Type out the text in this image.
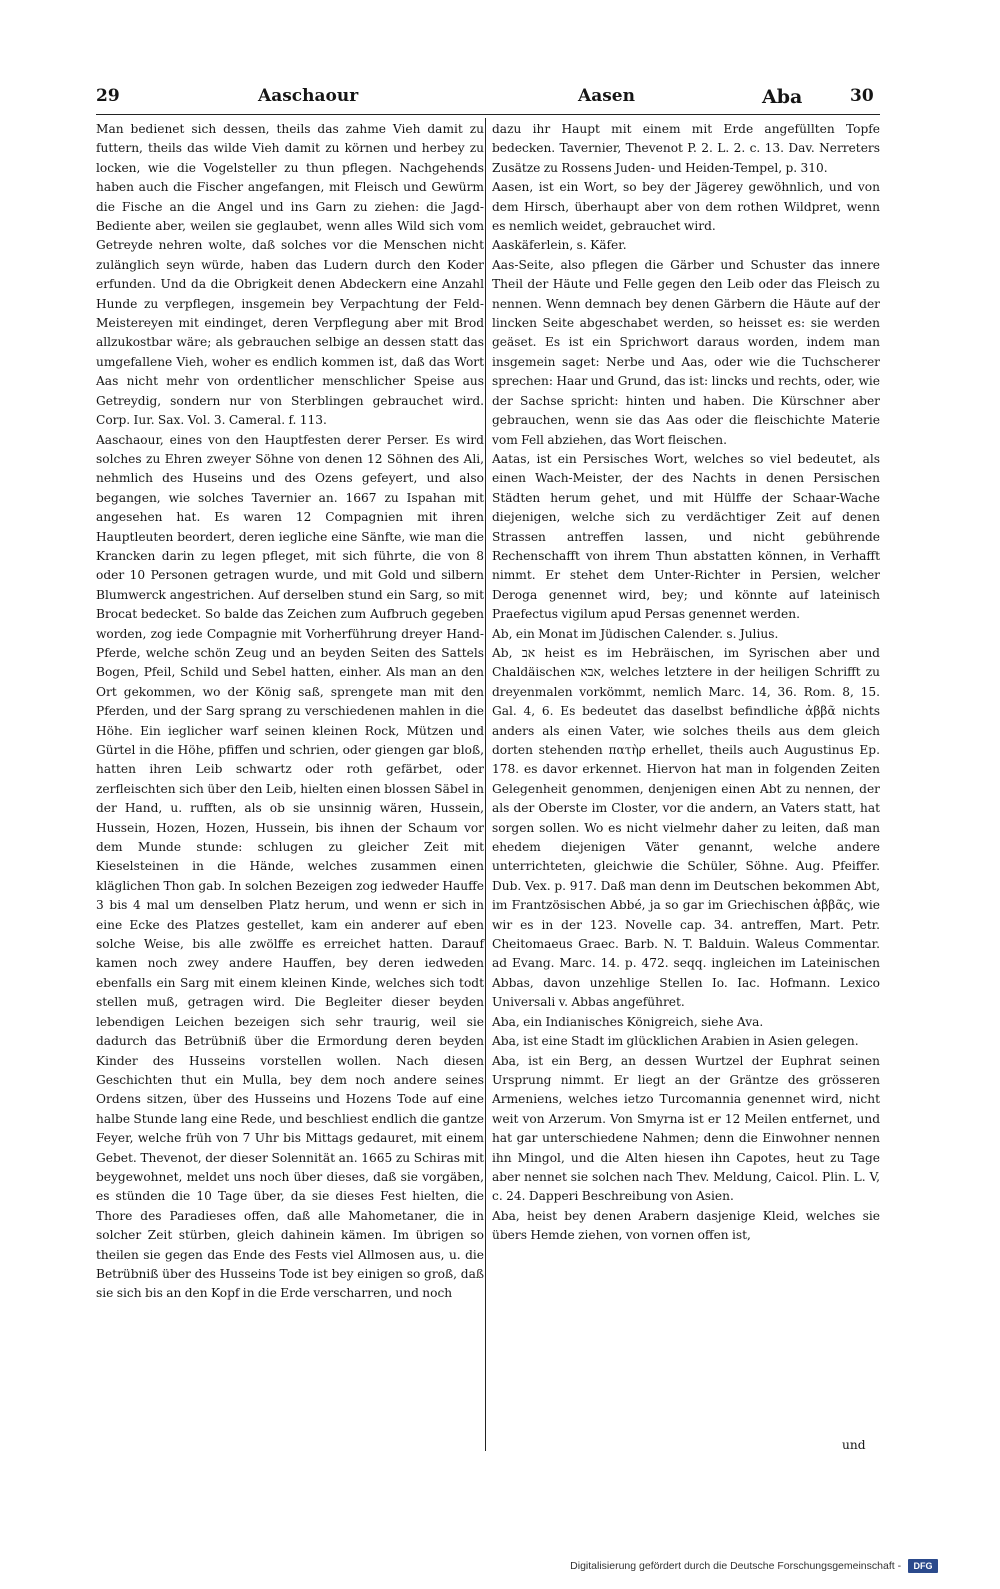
29	Aaschaour	Aasen	Aba	30

Man bedienet sich dessen, theils das zahme Vieh damit zu futtern, theils das wilde Vieh damit zu körnen und herbey zu locken, wie die Vogelsteller zu thun pflegen. Nachgehends haben auch die Fischer angefangen, mit Fleisch und Gewürm die Fische an die Angel und ins Garn zu ziehen: die Jagd-Bediente aber, weilen sie geglaubet, wenn alles Wild sich vom Getreyde nehren wolte, daß solches vor die Menschen nicht zulänglich seyn würde, haben das Ludern durch den Koder erfunden. Und da die Obrigkeit denen Abdeckern eine Anzahl Hunde zu verpflegen, insgemein bey Verpachtung der Feld-Meistereyen mit eindinget, deren Verpflegung aber mit Brod allzukostbar wäre; als gebrauchen selbige an dessen statt das umgefallene Vieh, woher es endlich kommen ist, daß das Wort Aas nicht mehr von ordentlicher menschlicher Speise aus Getreydig, sondern nur von Sterblingen gebrauchet wird. Corp. Iur. Sax. Vol. 3. Cameral. f. 113.

Aaschaour, eines von den Hauptfesten derer Perser. Es wird solches zu Ehren zweyer Söhne von denen 12 Söhnen des Ali, nehmlich des Huseins und des Ozens gefeyert, und also begangen, wie solches Tavernier an. 1667 zu Ispahan mit angesehen hat. Es waren 12 Compagnien mit ihren Hauptleuten beordert, deren iegliche eine Sänfte, wie man die Krancken darin zu legen pfleget, mit sich führte, die von 8 oder 10 Personen getragen wurde, und mit Gold und silbern Blumwerck angestrichen. Auf derselben stund ein Sarg, so mit Brocat bedecket. So balde das Zeichen zum Aufbruch gegeben worden, zog iede Compagnie mit Vorherführung dreyer Hand-Pferde, welche schön Zeug und an beyden Seiten des Sattels Bogen, Pfeil, Schild und Sebel hatten, einher. Als man an den Ort gekommen, wo der König saß, sprengete man mit den Pferden, und der Sarg sprang zu verschiedenen mahlen in die Höhe. Ein ieglicher warf seinen kleinen Rock, Mützen und Gürtel in die Höhe, pfiffen und schrien, oder giengen gar bloß, hatten ihren Leib schwartz oder roth gefärbet, oder zerfleischten sich über den Leib, hielten einen blossen Säbel in der Hand, u. rufften, als ob sie unsinnig wären, Hussein, Hussein, Hozen, Hozen, Hussein, bis ihnen der Schaum vor dem Munde stunde: schlugen zu gleicher Zeit mit Kieselsteinen in die Hände, welches zusammen einen kläglichen Thon gab. In solchen Bezeigen zog iedweder Hauffe 3 bis 4 mal um denselben Platz herum, und wenn er sich in eine Ecke des Platzes gestellet, kam ein anderer auf eben solche Weise, bis alle zwölffe es erreichet hatten. Darauf kamen noch zwey andere Hauffen, bey deren iedweden ebenfalls ein Sarg mit einem kleinen Kinde, welches sich todt stellen muß, getragen wird. Die Begleiter dieser beyden lebendigen Leichen bezeigen sich sehr traurig, weil sie dadurch das Betrübniß über die Ermordung deren beyden Kinder des Husseins vorstellen wollen. Nach diesen Geschichten thut ein Mulla, bey dem noch andere seines Ordens sitzen, über des Husseins und Hozens Tode auf eine halbe Stunde lang eine Rede, und beschliest endlich die gantze Feyer, welche früh von 7 Uhr bis Mittags gedauret, mit einem Gebet. Thevenot, der dieser Solennität an. 1665 zu Schiras mit beygewohnet, meldet uns noch über dieses, daß sie vorgäben, es stünden die 10 Tage über, da sie dieses Fest hielten, die Thore des Paradieses offen, daß alle Mahometaner, die in solcher Zeit stürben, gleich dahinein kämen. Im übrigen so theilen sie gegen das Ende des Fests viel Allmosen aus, u. die Betrübniß über des Husseins Tode ist bey einigen so groß, daß sie sich bis an den Kopf in die Erde verscharren, und noch

dazu ihr Haupt mit einem mit Erde angefüllten Topfe bedecken. Tavernier, Thevenot P. 2. L. 2. c. 13. Dav. Nerreters Zusätze zu Rossens Juden- und Heiden-Tempel, p. 310.

Aasen, ist ein Wort, so bey der Jägerey gewöhnlich, und von dem Hirsch, überhaupt aber von dem rothen Wildpret, wenn es nemlich weidet, gebrauchet wird.

Aaskäferlein, s. Käfer.

Aas-Seite, also pflegen die Gärber und Schuster das innere Theil der Häute und Felle gegen den Leib oder das Fleisch zu nennen. Wenn demnach bey denen Gärbern die Häute auf der lincken Seite abgeschabet werden, so heisset es: sie werden geäset. Es ist ein Sprichwort daraus worden, indem man insgemein saget: Nerbe und Aas, oder wie die Tuchscherer sprechen: Haar und Grund, das ist: lincks und rechts, oder, wie der Sachse spricht: hinten und haben. Die Kürschner aber gebrauchen, wenn sie das Aas oder die fleischichte Materie vom Fell abziehen, das Wort fleischen.

Aatas, ist ein Persisches Wort, welches so viel bedeutet, als einen Wach-Meister, der des Nachts in denen Persischen Städten herum gehet, und mit Hülffe der Schaar-Wache diejenigen, welche sich zu verdächtiger Zeit auf denen Strassen antreffen lassen, und nicht gebührende Rechenschafft von ihrem Thun abstatten können, in Verhafft nimmt. Er stehet dem Unter-Richter in Persien, welcher Deroga genennet wird, bey; und könnte auf lateinisch Praefectus vigilum apud Persas genennet werden.

Ab, ein Monat im Jüdischen Calender. s. Julius.

Ab, אב heist es im Hebräischen, im Syrischen aber und Chaldäischen אבא, welches letztere in der heiligen Schrifft zu dreyenmalen vorkömmt, nemlich Marc. 14, 36. Rom. 8, 15. Gal. 4, 6. Es bedeutet das daselbst befindliche ἀββᾶ nichts anders als einen Vater, wie solches theils aus dem gleich dorten stehenden πατὴρ erhellet, theils auch Augustinus Ep. 178. es davor erkennet. Hiervon hat man in folgenden Zeiten Gelegenheit genommen, denjenigen einen Abt zu nennen, der als der Oberste im Closter, vor die andern, an Vaters statt, hat sorgen sollen. Wo es nicht vielmehr daher zu leiten, daß man ehedem diejenigen Väter genannt, welche andere unterrichteten, gleichwie die Schüler, Söhne. Aug. Pfeiffer. Dub. Vex. p. 917. Daß man denn im Deutschen bekommen Abt, im Frantzösischen Abbé, ja so gar im Griechischen ἀββᾶς, wie wir es in der 123. Novelle cap. 34. antreffen, Mart. Petr. Cheitomaeus Graec. Barb. N. T. Balduin. Waleus Commentar. ad Evang. Marc. 14. p. 472. seqq. ingleichen im Lateinischen Abbas, davon unzehlige Stellen Io. Iac. Hofmann. Lexico Universali v. Abbas angeführet.

Aba, ein Indianisches Königreich, siehe Ava.

Aba, ist eine Stadt im glücklichen Arabien in Asien gelegen.

Aba, ist ein Berg, an dessen Wurtzel der Euphrat seinen Ursprung nimmt. Er liegt an der Gräntze des grösseren Armeniens, welches ietzo Turcomannia genennet wird, nicht weit von Arzerum. Von Smyrna ist er 12 Meilen entfernet, und hat gar unterschiedene Nahmen; denn die Einwohner nennen ihn Mingol, und die Alten hiesen ihn Capotes, heut zu Tage aber nennet sie solchen nach Thev. Meldung, Caicol. Plin. L. V, c. 24. Dapperi Beschreibung von Asien.

Aba, heist bey denen Arabern dasjenige Kleid, welches sie übers Hemde ziehen, von vornen offen ist,

und
Digitalisierung gefördert durch die Deutsche Forschungsgemeinschaft - DFG
